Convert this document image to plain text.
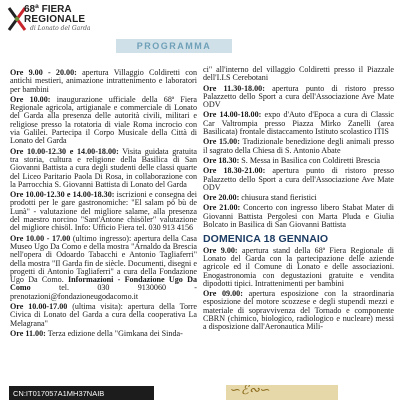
68ª FIERA
REGIONALE
di Lonato del Garda
PROGRAMMA

Ore 9.00 - 20.00: apertura Villaggio Coldiretti con antichi mestieri, animazione intrattenimento e laboratori per bambini

Ore 10.00: inaugurazione ufficiale della 68ª Fiera Regionale agricola, artigianale e commerciale di Lonato del Garda alla presenza delle autorità civili, militari e religiose presso la rotatoria di viale Roma incrocio con via Galilei. Partecipa il Corpo Musicale della Città di Lonato del Garda

Ore 10.00-12.30 e 14.00-18.00: Visita guidata gratuita tra storia, cultura e religione della Basilica di San Giovanni Battista a cura degli studenti delle classi quarte del Liceo Paritario Paola Di Rosa, in collaborazione con la Parrocchia S. Giovanni Battista di Lonato del Garda

Ore 10.00-12.30 e 14.00-18.30: iscrizioni e consegna dei prodotti per le gare gastronomiche: "El salam pö bù de Lunà" - valutazione del migliore salame, alla presenza del maestro norcino "Sant'Antone chisöler" valutazione del migliore chisöl. Info: Ufficio Fiera tel. 030 913 4156

Ore 10.00 - 17.00 (ultimo ingresso): apertura della Casa Museo Ugo Da Como e della mostra "Arnaldo da Brescia nell'opera di Odoardo Tabacchi e Antonio Tagliaferri" della mostra "Il Garda fin de siècle. Documenti, disegni e progetti di Antonio Tagliaferri" a cura della Fondazione Ugo Da Como. Informazioni - Fondazione Ugo Da Como tel. 030 9130060 - prenotazioni@fondazioneugodacomo.it

Ore 10.00-17.00 (ultima visita): apertura della Torre Civica di Lonato del Garda a cura della cooperativa La Melagrana"

Ore 11.00: Terza edizione della "Gimkana dei Sinda-

ci" all'interno del villaggio Coldiretti presso il Piazzale dell'I.I.S Cerebotani

Ore 11.30-18.00: apertura punto di ristoro presso Palazzetto dello Sport a cura dell'Associazione Ave Mate ODV

Ore 14.00-18.00: expo d'Auto d'Epoca a cura di Classic Car Valtrompia presso Piazza Mirko Zanelli (area Basilicata) frontale distaccamento Istituto scolastico ITIS

Ore 15.00: Tradizionale benedizione degli animali presso il sagrato della Chiesa di S. Antonio Abate

Ore 18.30: S. Messa in Basilica con Coldiretti Brescia

Ore 18.30-21.00: apertura punto di ristoro presso Palazzetto dello Sport a cura dell'Associazione Ave Mate ODV

Ore 20.00: chiusura stand fieristici

Ore 21.00: Concerto con ingresso libero Stabat Mater di Giovanni Battista Pergolesi con Marta Pluda e Giulia Bolcato in Basilica di San Giovanni Battista

DOMENICA 18 GENNAIO

Ore 9.00: apertura stand della 68ª Fiera Regionale di Lonato del Garda con la partecipazione delle aziende agricole ed il Comune di Lonato e delle associazioni. Enogastronomia con degustazioni gratuite e vendita dipodotti tipici. Intrattenimenti per bambini

Ore 09.00: apertura esposizione con la straordinaria esposizione del motore scozzese e degli stupendi mezzi e materiale di sopravvivenza del Tornado e componente CBRN (chimico, biologico, radiologico e nucleare) messi a disposizione dall'Aeronautica Mili-

CN:IT017057A1MH37NAIB	∽ℰ∾∽
